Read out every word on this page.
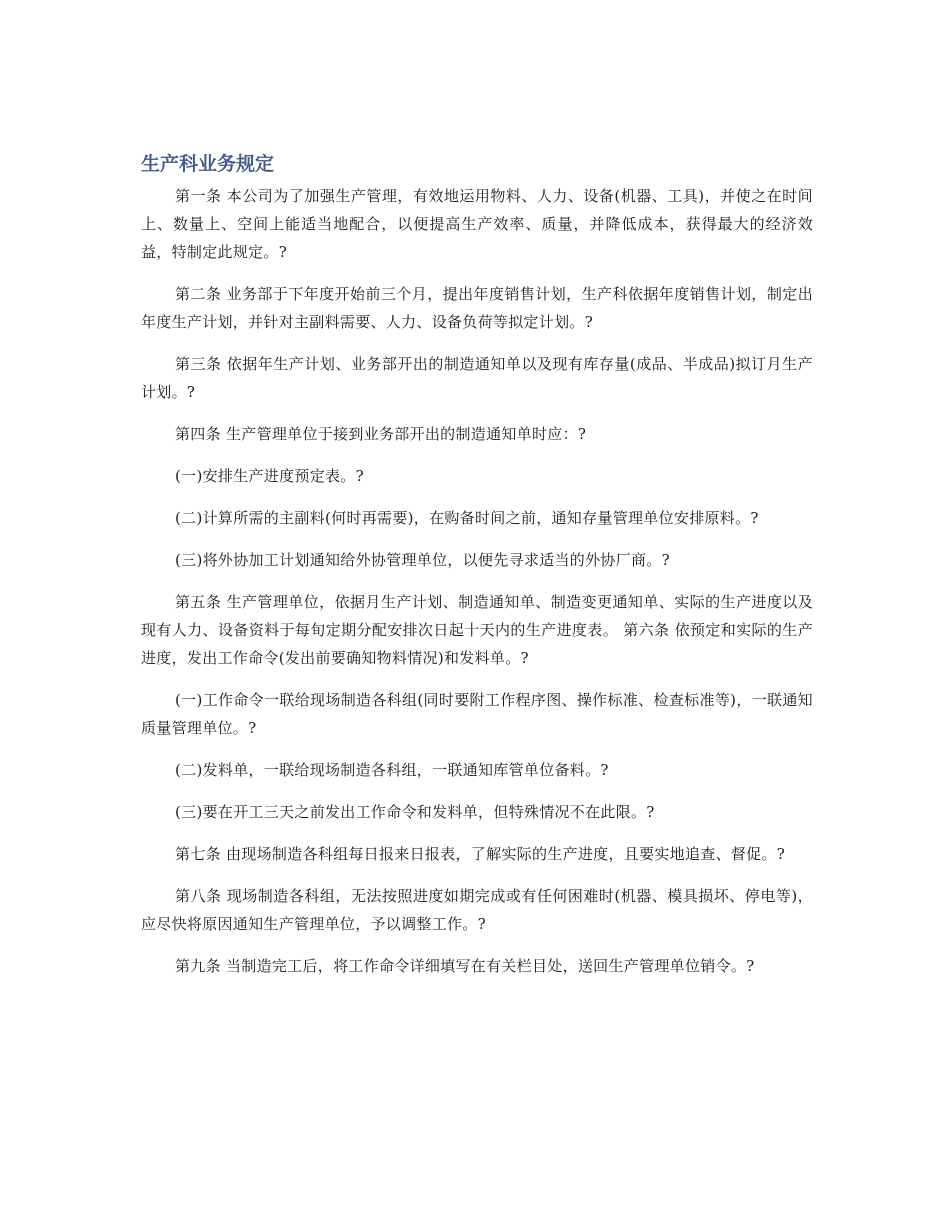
生产科业务规定

第一条 本公司为了加强生产管理，有效地运用物料、人力、设备(机器、工具)，并使之在时间上、数量上、空间上能适当地配合，以便提高生产效率、质量，并降低成本，获得最大的经济效益，特制定此规定。?

第二条 业务部于下年度开始前三个月，提出年度销售计划，生产科依据年度销售计划，制定出年度生产计划，并针对主副料需要、人力、设备负荷等拟定计划。?

第三条 依据年生产计划、业务部开出的制造通知单以及现有库存量(成品、半成品)拟订月生产计划。?

第四条 生产管理单位于接到业务部开出的制造通知单时应：?

(一)安排生产进度预定表。?

(二)计算所需的主副料(何时再需要)，在购备时间之前，通知存量管理单位安排原料。?

(三)将外协加工计划通知给外协管理单位，以便先寻求适当的外协厂商。?

第五条 生产管理单位，依据月生产计划、制造通知单、制造变更通知单、实际的生产进度以及现有人力、设备资料于每旬定期分配安排次日起十天内的生产进度表。 第六条 依预定和实际的生产进度，发出工作命令(发出前要确知物料情况)和发料单。?

(一)工作命令一联给现场制造各科组(同时要附工作程序图、操作标准、检查标准等)，一联通知质量管理单位。?

(二)发料单，一联给现场制造各科组，一联通知库管单位备料。?

(三)要在开工三天之前发出工作命令和发料单，但特殊情况不在此限。?

第七条 由现场制造各科组每日报来日报表，了解实际的生产进度，且要实地追查、督促。?

第八条 现场制造各科组，无法按照进度如期完成或有任何困难时(机器、模具损坏、停电等)，应尽快将原因通知生产管理单位，予以调整工作。?

第九条 当制造完工后，将工作命令详细填写在有关栏目处，送回生产管理单位销令。?
